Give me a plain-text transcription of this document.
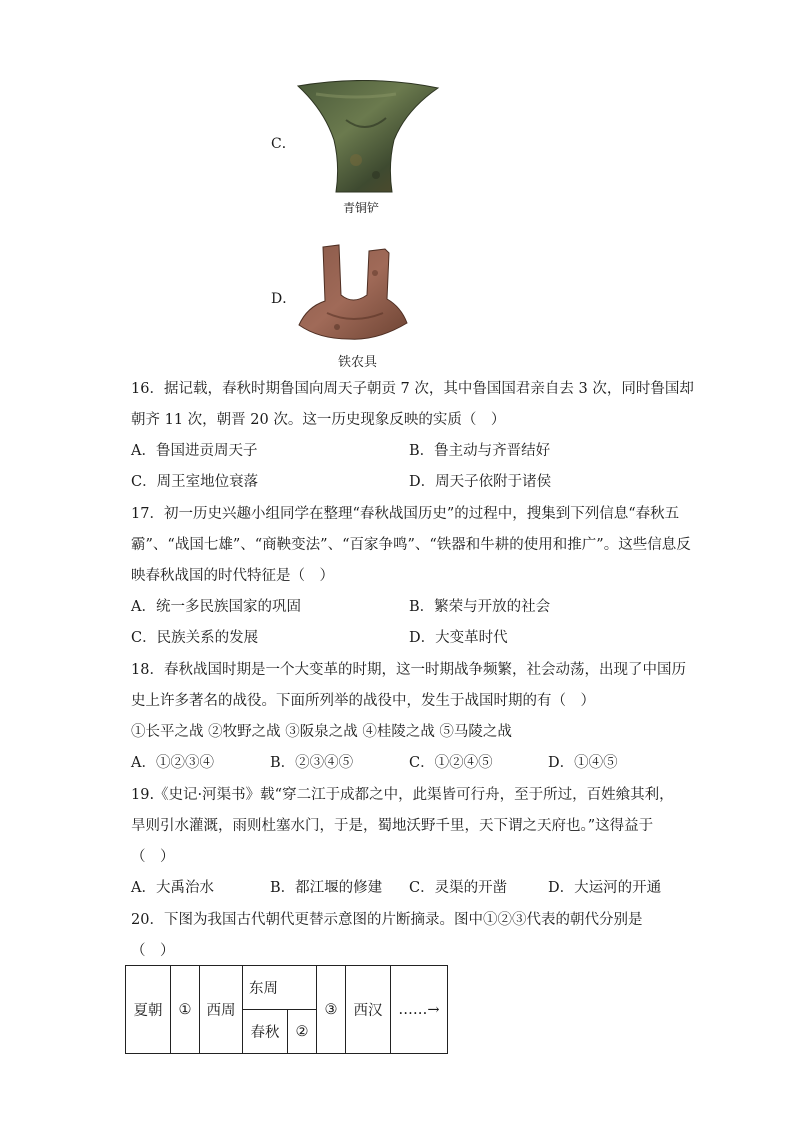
C．
青铜铲
D．
铁农具
16．据记载，春秋时期鲁国向周天子朝贡 7 次，其中鲁国国君亲自去 3 次，同时鲁国却
朝齐 11 次，朝晋 20 次。这一历史现象反映的实质（　）
A．鲁国进贡周天子	B．鲁主动与齐晋结好
C．周王室地位衰落	D．周天子依附于诸侯
17．初一历史兴趣小组同学在整理“春秋战国历史”的过程中，搜集到下列信息“春秋五
霸”、“战国七雄”、“商鞅变法”、“百家争鸣”、“铁器和牛耕的使用和推广”。这些信息反
映春秋战国的时代特征是（　）
A．统一多民族国家的巩固	B．繁荣与开放的社会
C．民族关系的发展	D．大变革时代
18．春秋战国时期是一个大变革的时期，这一时期战争频繁，社会动荡，出现了中国历
史上许多著名的战役。下面所列举的战役中，发生于战国时期的有（　）
①长平之战 ②牧野之战 ③阪泉之战 ④桂陵之战 ⑤马陵之战
A．①②③④	B．②③④⑤	C．①②④⑤	D．①④⑤
19.《史记·河渠书》载“穿二江于成都之中，此渠皆可行舟，至于所过，百姓飨其利，
旱则引水灌溉，雨则杜塞水门，于是，蜀地沃野千里，天下谓之天府也。”这得益于
（　）
A．大禹治水	B．都江堰的修建 C．灵渠的开凿	D．大运河的开通
20．下图为我国古代朝代更替示意图的片断摘录。图中①②③代表的朝代分别是
（　）
夏朝	①	西周	东周		③	西汉	……→
			春秋	②			
